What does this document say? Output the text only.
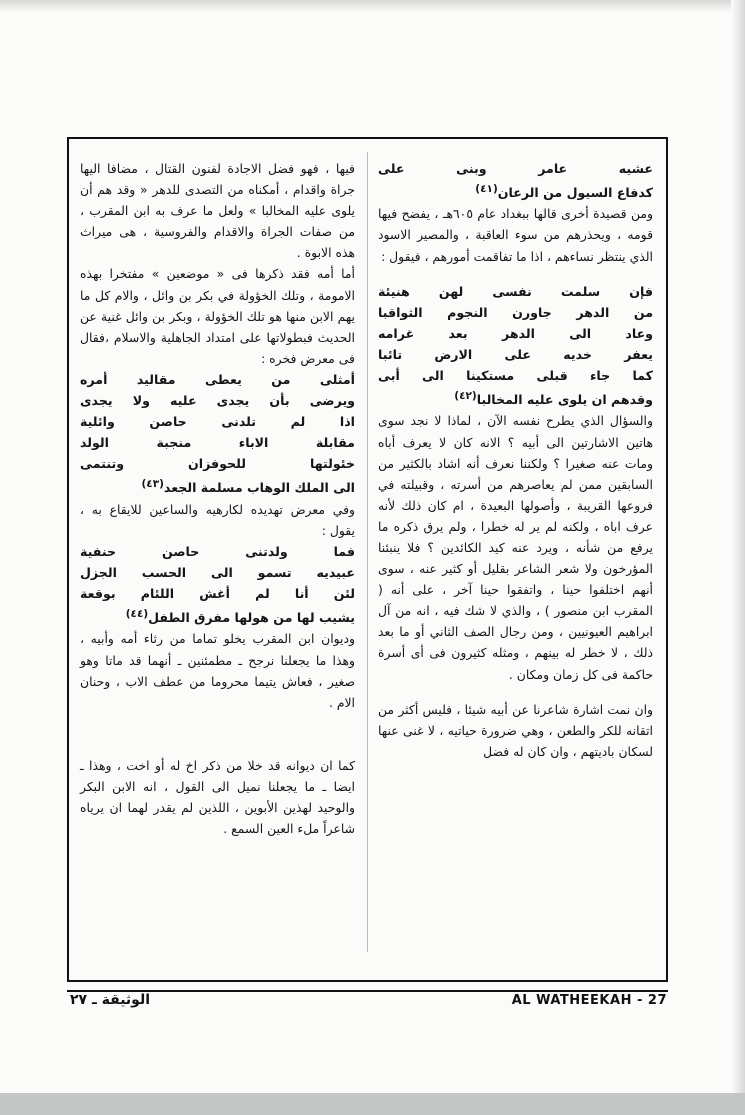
عشيه عامر وبنى على
كدفاع السيول من الرعان$^{(٤١)}$

ومن قصيدة أخرى قالها ببغداد عام ٦٠٥هـ ، يفضح فيها قومه ، ويحذرهم من سوء العاقبة ، والمصير الاسود الذي ينتظر نساءهم ، اذا ما تفاقمت أمورهم ، فيقول :

فإن سلمت نفسى لهن هنيئة
من الدهر جاورن النجوم الثواقبا
وعاد الى الدهر بعد غرامه
يعفر خديه على الارض تائبا
كما جاء قبلى مستكينا الى أبى
وقدهم ان يلوى عليه المخالبا$^{(٤٢)}$

والسؤال الذي يطرح نفسه الآن ، لماذا لا نجد سوى هاتين الاشارتين الى أبيه ؟ الانه كان لا يعرف أباه ومات عنه صغيرا ؟ ولكننا نعرف أنه اشاد بالكثير من السابقين ممن لم يعاصرهم من أسرته ، وقبيلته في فروعها القريبة ، وأصولها البعيدة ، ام كان ذلك لأنه عرف اباه ، ولكنه لم ير له خطرا ، ولم يرق ذكره ما يرفع من شأنه ، ويرد عنه كيد الكائدين ؟ فلا ينبئنا المؤرخون ولا شعر الشاعر بقليل أو كثير عنه ، سوى أنهم اختلفوا حينا ، واتفقوا حينا آخر ، على أنه ( المقرب ابن منصور ) ، والذي لا شك فيه ، انه من آل ابراهيم العيونيين ، ومن رجال الصف الثاني أو ما بعد ذلك ، لا خطر له بينهم ، ومثله كثيرون فى أى أسرة حاكمة فى كل زمان ومكان .

وان نمت اشارة شاعرنا عن أبيه شيئا ، فليس أكثر من اتقانه للكر والطعن ، وهي ضرورة حياتيه ، لا غنى عنها لسكان باديتهم ، وان كان له فضل

فيها ، فهو فضل الاجادة لفنون القتال ، مضافا اليها جراة واقدام ، أمكناه من التصدى للدهر « وقد هم أن يلوى عليه المخالبا » ولعل ما عرف به ابن المقرب ، من صفات الجراة والاقدام والفروسية ، هى ميراث هذه الابوة .

أما أمه فقد ذكرها فى « موضعين » مفتخرا بهذه الامومة ، وتلك الخؤولة في بكر بن وائل ، والام كل ما يهم الابن منها هو تلك الخؤولة ، وبكر بن وائل غنية عن الحديث فبطولاتها على امتداد الجاهلية والاسلام ،فقال فى معرض فخره :

أمثلى من يعطى مقاليد أمره
ويرضى بأن يجدى عليه ولا يجدى
اذا لم تلدنى حاصن وائلية
مقابلة الاباء منجبة الولد
خئولتها للحوفزان وتنتمى
الى الملك الوهاب مسلمة الجعد$^{(٤٣)}$

وفي معرض تهديده لكارهيه والساعين للايقاع به ، يقول :

فما ولدتنى حاصن حنفية
عبيديه تسمو الى الحسب الجزل
لئن أنا لم أغش اللئام بوقعة
يشيب لها من هولها مفرق الطفل$^{(٤٤)}$

وديوان ابن المقرب يخلو تماما من رثاء أمه وأبيه ، وهذا ما يجعلنا نرجح ـ مطمئنين ـ أنهما قد ماتا وهو صغير ، فعاش يتيما محروما من عطف الاب ، وحنان الام .

كما ان ديوانه قد خلا من ذكر اخ له أو اخت ، وهذا ـ ايضا ـ ما يجعلنا نميل الى القول ، انه الابن البكر والوحيد لهذين الأبوين ، اللذين لم يقدر لهما ان يرياه شاعراً ملء العين السمع .

الوثيقة ـ ٢٧	AL WATHEEKAH - 27
